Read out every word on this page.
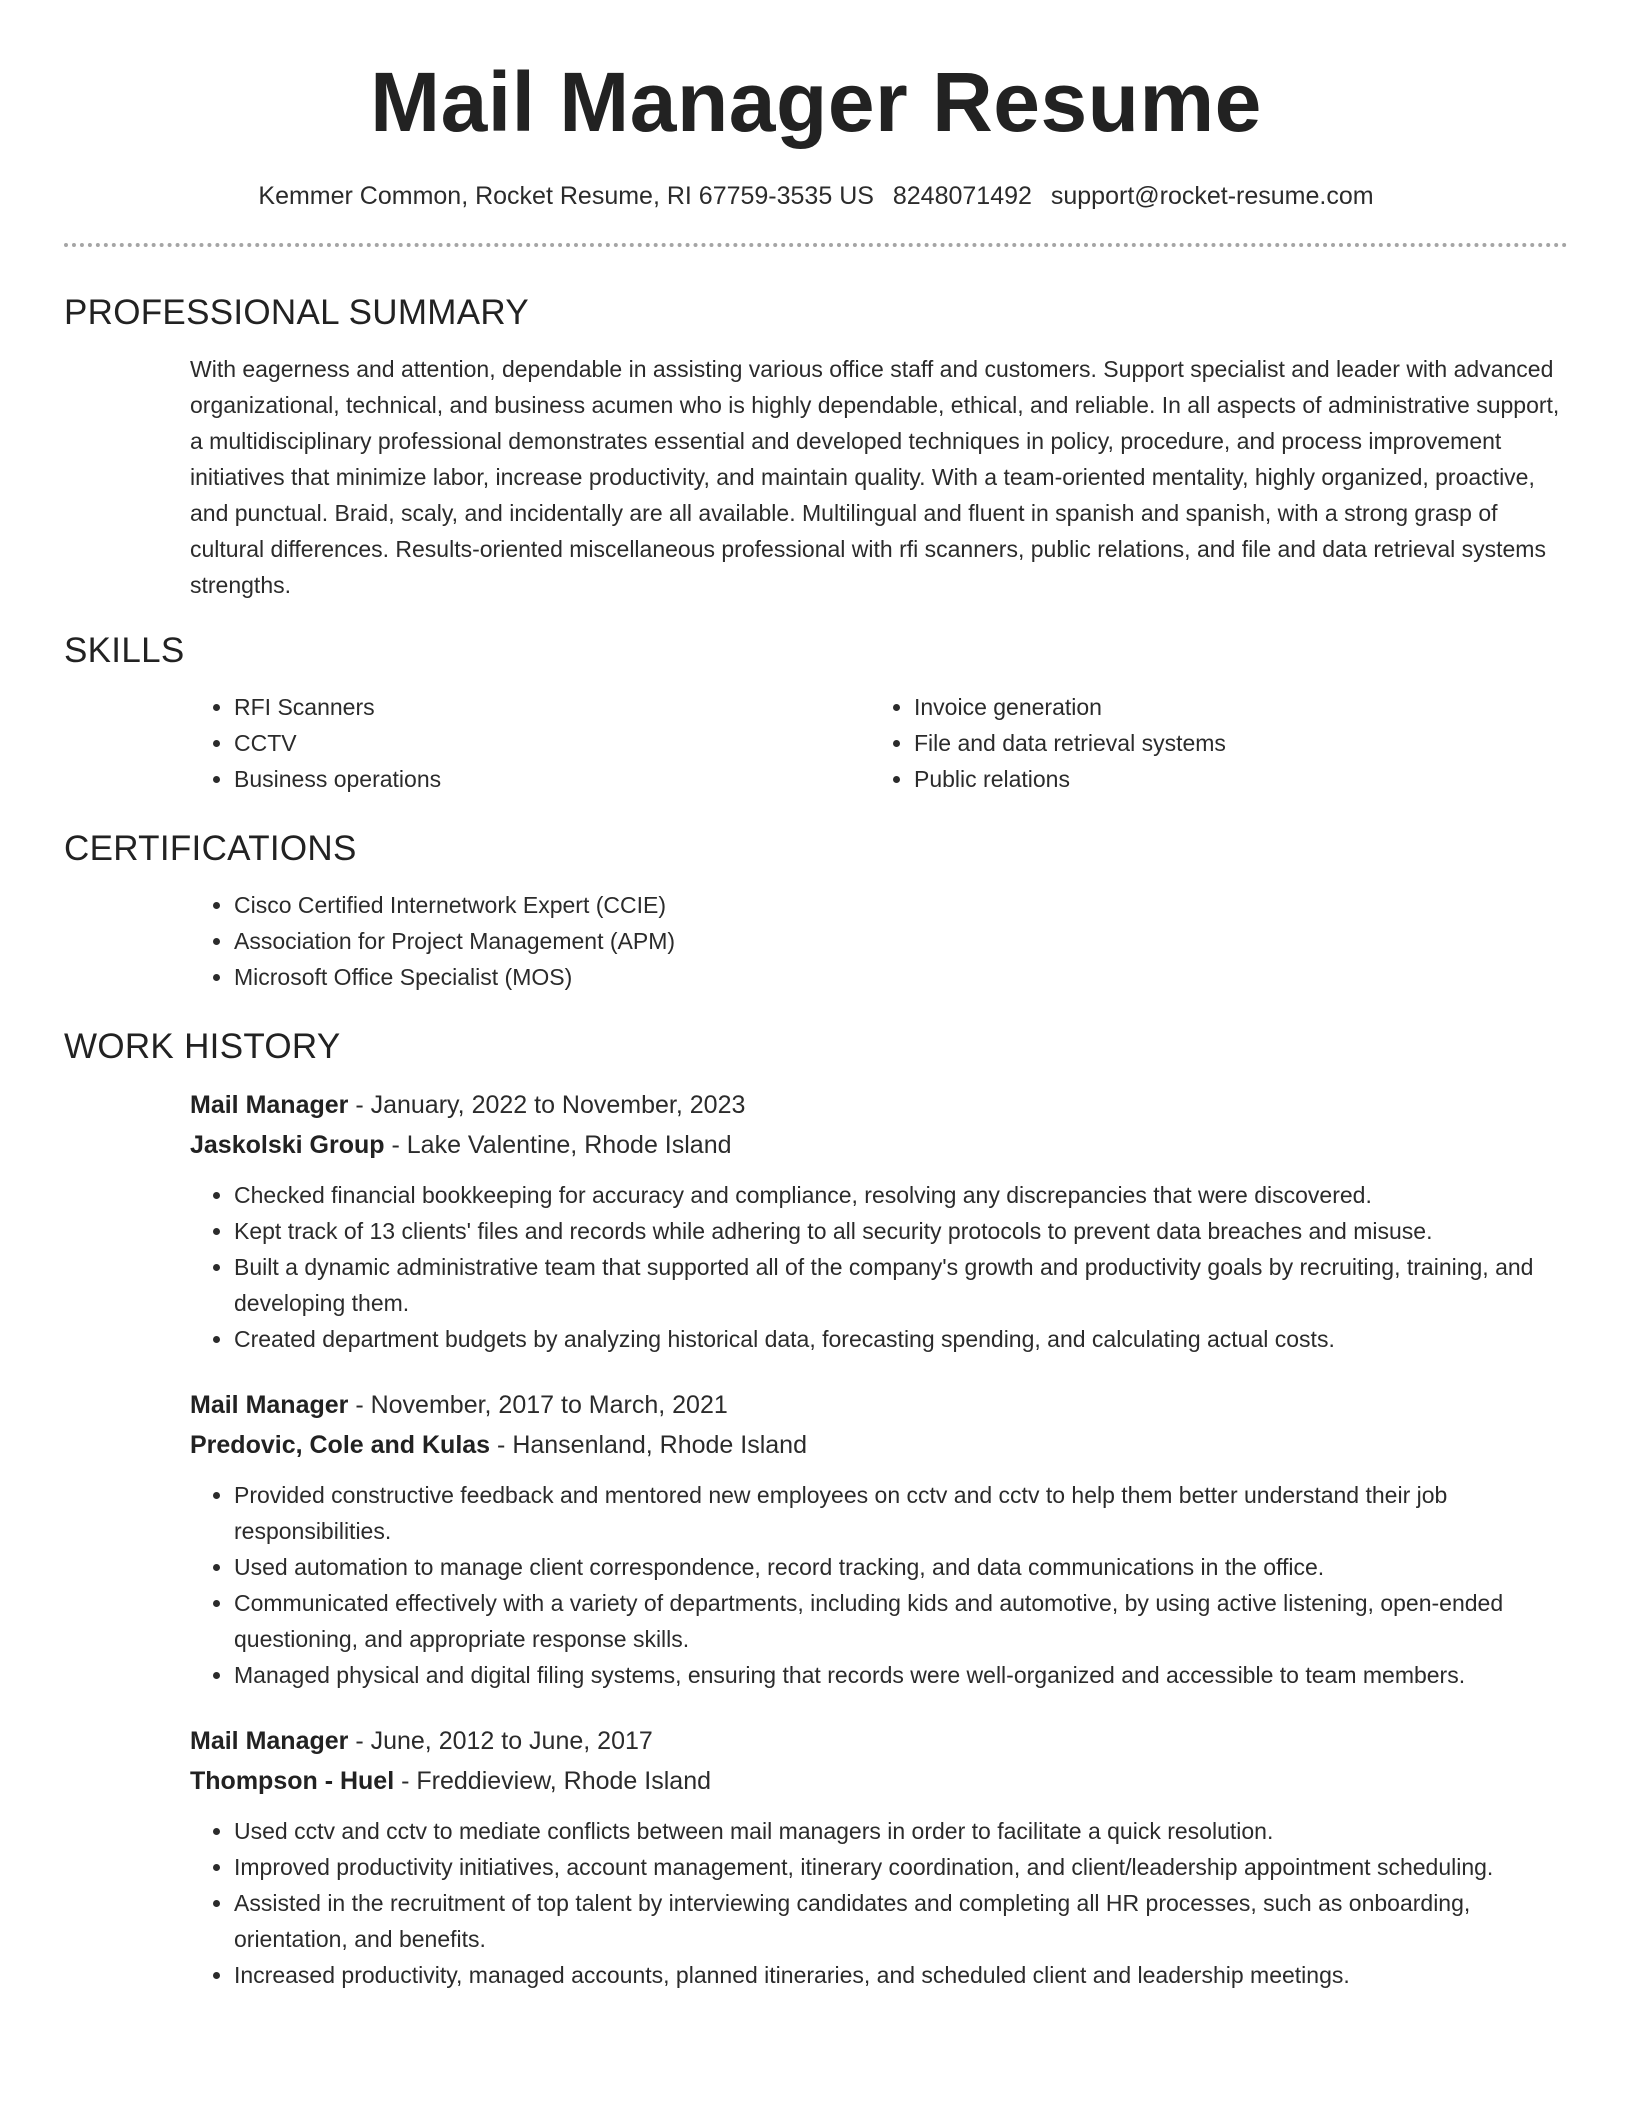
Mail Manager Resume
Kemmer Common, Rocket Resume, RI 67759-3535 US 8248071492 support@rocket-resume.com
PROFESSIONAL SUMMARY
With eagerness and attention, dependable in assisting various office staff and customers. Support specialist and leader with advanced organizational, technical, and business acumen who is highly dependable, ethical, and reliable. In all aspects of administrative support, a multidisciplinary professional demonstrates essential and developed techniques in policy, procedure, and process improvement initiatives that minimize labor, increase productivity, and maintain quality. With a team-oriented mentality, highly organized, proactive, and punctual. Braid, scaly, and incidentally are all available. Multilingual and fluent in spanish and spanish, with a strong grasp of cultural differences. Results-oriented miscellaneous professional with rfi scanners, public relations, and file and data retrieval systems strengths.
SKILLS
• RFI Scanners
• CCTV
• Business operations
• Invoice generation
• File and data retrieval systems
• Public relations
CERTIFICATIONS
• Cisco Certified Internetwork Expert (CCIE)
• Association for Project Management (APM)
• Microsoft Office Specialist (MOS)
WORK HISTORY
Mail Manager - January, 2022 to November, 2023
Jaskolski Group - Lake Valentine, Rhode Island
• Checked financial bookkeeping for accuracy and compliance, resolving any discrepancies that were discovered.
• Kept track of 13 clients' files and records while adhering to all security protocols to prevent data breaches and misuse.
• Built a dynamic administrative team that supported all of the company's growth and productivity goals by recruiting, training, and developing them.
• Created department budgets by analyzing historical data, forecasting spending, and calculating actual costs.
Mail Manager - November, 2017 to March, 2021
Predovic, Cole and Kulas - Hansenland, Rhode Island
• Provided constructive feedback and mentored new employees on cctv and cctv to help them better understand their job responsibilities.
• Used automation to manage client correspondence, record tracking, and data communications in the office.
• Communicated effectively with a variety of departments, including kids and automotive, by using active listening, open-ended questioning, and appropriate response skills.
• Managed physical and digital filing systems, ensuring that records were well-organized and accessible to team members.
Mail Manager - June, 2012 to June, 2017
Thompson - Huel - Freddieview, Rhode Island
• Used cctv and cctv to mediate conflicts between mail managers in order to facilitate a quick resolution.
• Improved productivity initiatives, account management, itinerary coordination, and client/leadership appointment scheduling.
• Assisted in the recruitment of top talent by interviewing candidates and completing all HR processes, such as onboarding, orientation, and benefits.
• Increased productivity, managed accounts, planned itineraries, and scheduled client and leadership meetings.
